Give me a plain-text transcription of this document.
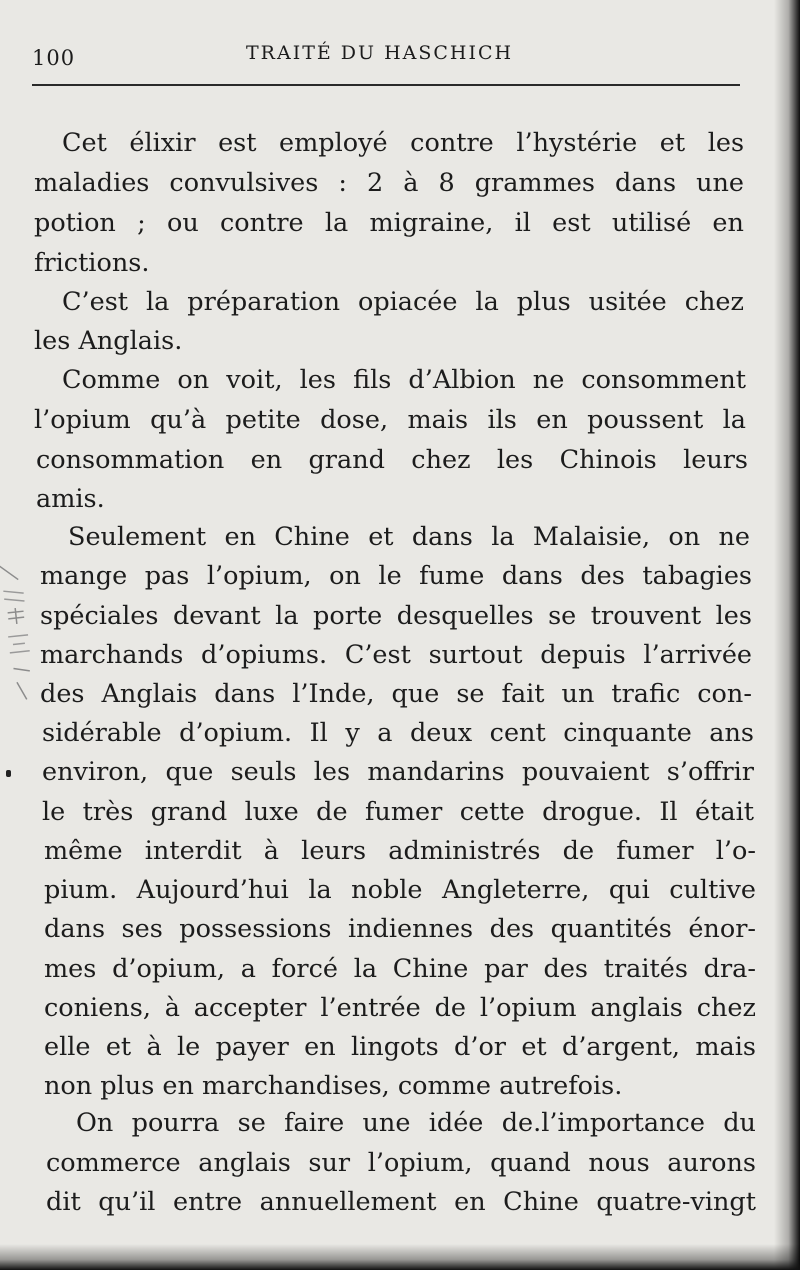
100	TRAITÉ DU HASCHICH
Cet élixir est employé contre l’hystérie et les
maladies convulsives : 2 à 8 grammes dans une
potion ; ou contre la migraine, il est utilisé en
frictions.
C’est la préparation opiacée la plus usitée chez
les Anglais.
Comme on voit, les fils d’Albion ne consomment
l’opium qu’à petite dose, mais ils en poussent la
consommation en grand chez les Chinois leurs
amis.
Seulement en Chine et dans la Malaisie, on ne
mange pas l’opium, on le fume dans des tabagies
spéciales devant la porte desquelles se trouvent les
marchands d’opiums. C’est surtout depuis l’arrivée
des Anglais dans l’Inde, que se fait un trafic con-
sidérable d’opium. Il y a deux cent cinquante ans
environ, que seuls les mandarins pouvaient s’offrir
le très grand luxe de fumer cette drogue. Il était
même interdit à leurs administrés de fumer l’o-
pium. Aujourd’hui la noble Angleterre, qui cultive
dans ses possessions indiennes des quantités énor-
mes d’opium, a forcé la Chine par des traités dra-
coniens, à accepter l’entrée de l’opium anglais chez
elle et à le payer en lingots d’or et d’argent, mais
non plus en marchandises, comme autrefois.
On pourra se faire une idée de.l’importance du
commerce anglais sur l’opium, quand nous aurons
dit qu’il entre annuellement en Chine quatre-vingt
